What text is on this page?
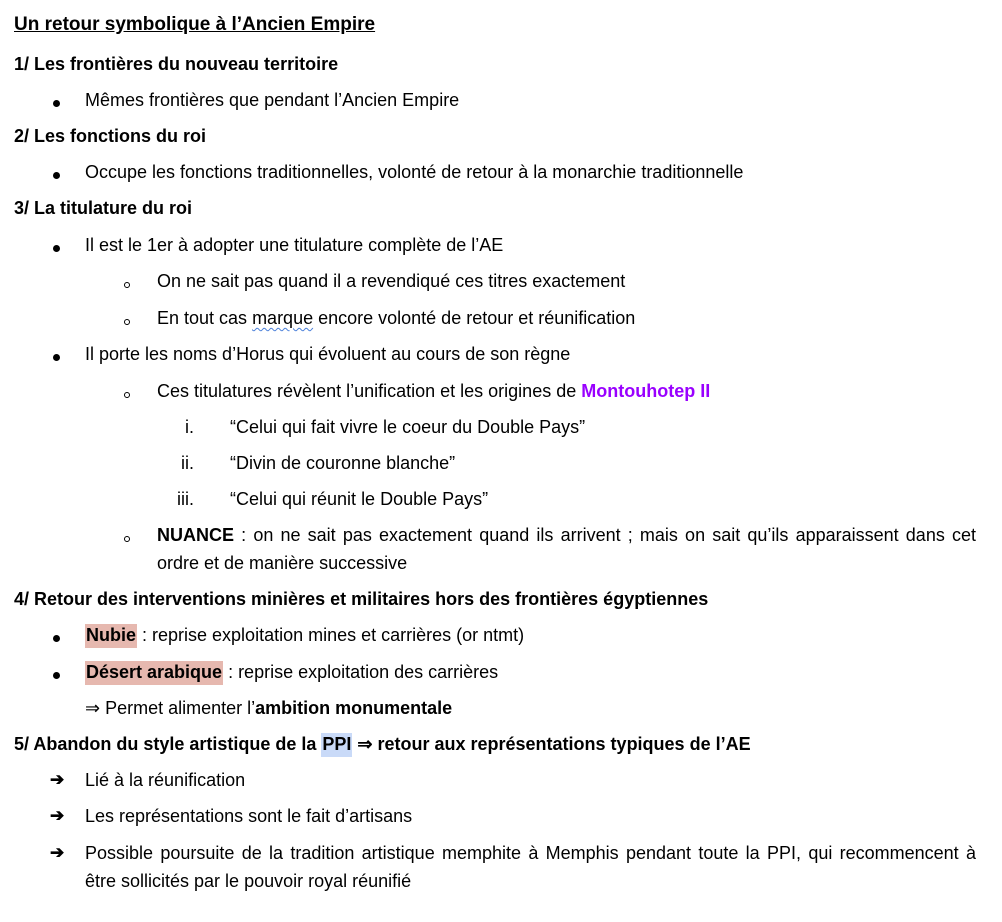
Un retour symbolique à l’Ancien Empire
1/ Les frontières du nouveau territoire
Mêmes frontières que pendant l’Ancien Empire
2/ Les fonctions du roi
Occupe les fonctions traditionnelles, volonté de retour à la monarchie traditionnelle
3/ La titulature du roi
Il est le 1er à adopter une titulature complète de l’AE
On ne sait pas quand il a revendiqué ces titres exactement
En tout cas marque encore volonté de retour et réunification
Il porte les noms d’Horus qui évoluent au cours de son règne
Ces titulatures révèlent l’unification et les origines de Montouhotep II
i. “Celui qui fait vivre le coeur du Double Pays”
ii. “Divin de couronne blanche”
iii. “Celui qui réunit le Double Pays”
NUANCE : on ne sait pas exactement quand ils arrivent ; mais on sait qu’ils apparaissent dans cet ordre et de manière successive
4/ Retour des interventions minières et militaires hors des frontières égyptiennes
Nubie : reprise exploitation mines et carrières (or ntmt)
Désert arabique : reprise exploitation des carrières
⇒ Permet alimenter l’ambition monumentale
5/ Abandon du style artistique de la PPI ⇒ retour aux représentations typiques de l’AE
➔ Lié à la réunification
➔ Les représentations sont le fait d’artisans
➔ Possible poursuite de la tradition artistique memphite à Memphis pendant toute la PPI, qui recommencent à être sollicités par le pouvoir royal réunifié
